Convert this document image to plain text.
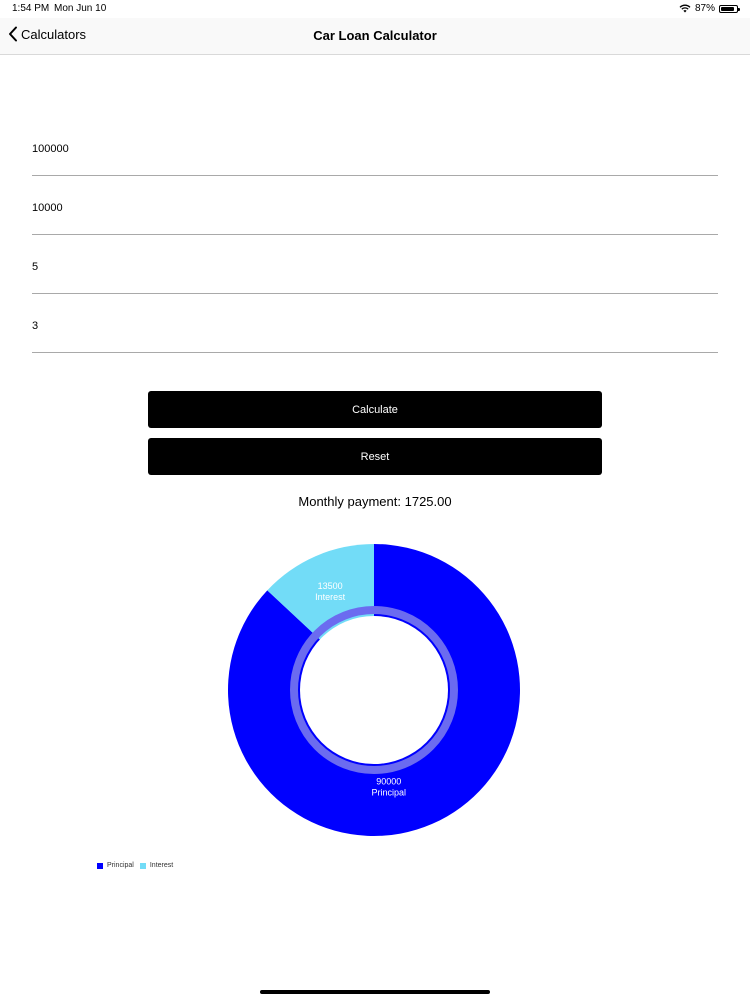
1:54 PM Mon Jun 10	87%
Calculators	Car Loan Calculator
100000
10000
5
3
Calculate
Reset
Monthly payment: 1725.00
90000
Principal
13500
Interest
Principal Interest
